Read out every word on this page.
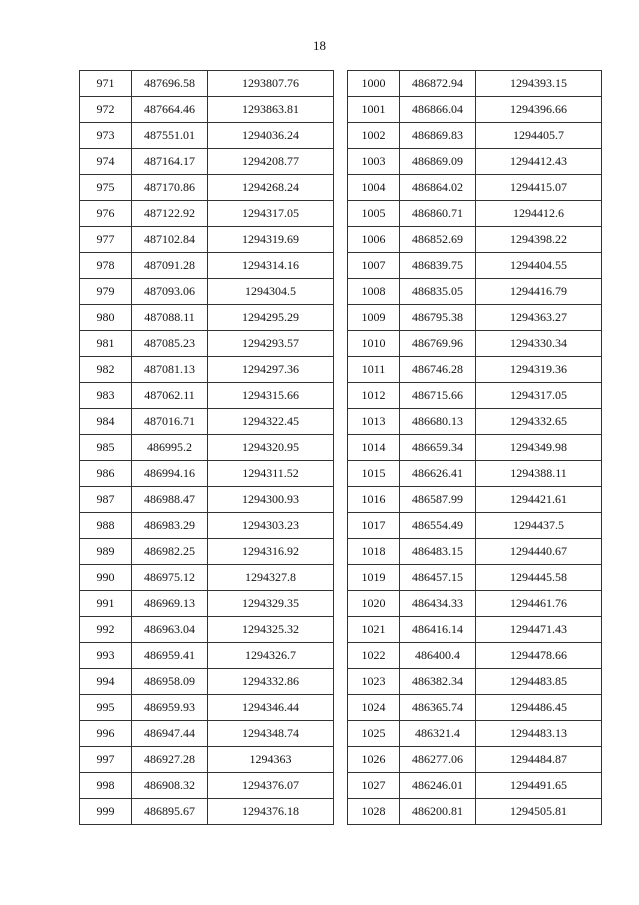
18
971	487696.58	1293807.76
972	487664.46	1293863.81
973	487551.01	1294036.24
974	487164.17	1294208.77
975	487170.86	1294268.24
976	487122.92	1294317.05
977	487102.84	1294319.69
978	487091.28	1294314.16
979	487093.06	1294304.5
980	487088.11	1294295.29
981	487085.23	1294293.57
982	487081.13	1294297.36
983	487062.11	1294315.66
984	487016.71	1294322.45
985	486995.2	1294320.95
986	486994.16	1294311.52
987	486988.47	1294300.93
988	486983.29	1294303.23
989	486982.25	1294316.92
990	486975.12	1294327.8
991	486969.13	1294329.35
992	486963.04	1294325.32
993	486959.41	1294326.7
994	486958.09	1294332.86
995	486959.93	1294346.44
996	486947.44	1294348.74
997	486927.28	1294363
998	486908.32	1294376.07
999	486895.67	1294376.18
1000	486872.94	1294393.15
1001	486866.04	1294396.66
1002	486869.83	1294405.7
1003	486869.09	1294412.43
1004	486864.02	1294415.07
1005	486860.71	1294412.6
1006	486852.69	1294398.22
1007	486839.75	1294404.55
1008	486835.05	1294416.79
1009	486795.38	1294363.27
1010	486769.96	1294330.34
1011	486746.28	1294319.36
1012	486715.66	1294317.05
1013	486680.13	1294332.65
1014	486659.34	1294349.98
1015	486626.41	1294388.11
1016	486587.99	1294421.61
1017	486554.49	1294437.5
1018	486483.15	1294440.67
1019	486457.15	1294445.58
1020	486434.33	1294461.76
1021	486416.14	1294471.43
1022	486400.4	1294478.66
1023	486382.34	1294483.85
1024	486365.74	1294486.45
1025	486321.4	1294483.13
1026	486277.06	1294484.87
1027	486246.01	1294491.65
1028	486200.81	1294505.81
